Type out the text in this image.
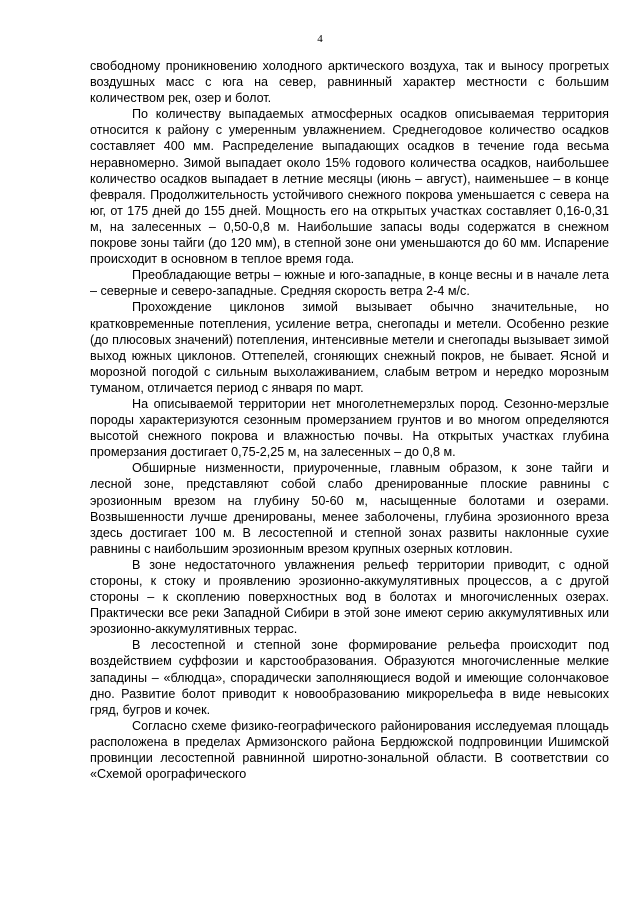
4

свободному проникновению холодного арктического воздуха, так и выносу прогретых воздушных масс с юга на север, равнинный характер местности с большим количеством рек, озер и болот.

По количеству выпадаемых атмосферных осадков описываемая территория относится к району с умеренным увлажнением. Среднегодовое количество осадков составляет 400 мм. Распределение выпадающих осадков в течение года весьма неравномерно. Зимой выпадает около 15% годового количества осадков, наибольшее количество осадков выпадает в летние месяцы (июнь – август), наименьшее – в конце февраля. Продолжительность устойчивого снежного покрова уменьшается с севера на юг, от 175 дней до 155 дней. Мощность его на открытых участках составляет 0,16-0,31 м, на залесенных – 0,50-0,8 м. Наибольшие запасы воды содержатся в снежном покрове зоны тайги (до 120 мм), в степной зоне они уменьшаются до 60 мм. Испарение происходит в основном в теплое время года.

Преобладающие ветры – южные и юго-западные, в конце весны и в начале лета – северные и северо-западные. Средняя скорость ветра 2-4 м/с.

Прохождение циклонов зимой вызывает обычно значительные, но кратковременные потепления, усиление ветра, снегопады и метели. Особенно резкие (до плюсовых значений) потепления, интенсивные метели и снегопады вызывает зимой выход южных циклонов. Оттепелей, сгоняющих снежный покров, не бывает. Ясной и морозной погодой с сильным выхолаживанием, слабым ветром и нередко морозным туманом, отличается период с января по март.

На описываемой территории нет многолетнемерзлых пород. Сезонно-мерзлые породы характеризуются сезонным промерзанием грунтов и во многом определяются высотой снежного покрова и влажностью почвы. На открытых участках глубина промерзания достигает 0,75-2,25 м, на залесенных – до 0,8 м.

Обширные низменности, приуроченные, главным образом, к зоне тайги и лесной зоне, представляют собой слабо дренированные плоские равнины с эрозионным врезом на глубину 50-60 м, насыщенные болотами и озерами. Возвышенности лучше дренированы, менее заболочены, глубина эрозионного вреза здесь достигает 100 м. В лесостепной и степной зонах развиты наклонные сухие равнины с наибольшим эрозионным врезом крупных озерных котловин.

В зоне недостаточного увлажнения рельеф территории приводит, с одной стороны, к стоку и проявлению эрозионно-аккумулятивных процессов, а с другой стороны – к скоплению поверхностных вод в болотах и многочисленных озерах. Практически все реки Западной Сибири в этой зоне имеют серию аккумулятивных или эрозионно-аккумулятивных террас.

В лесостепной и степной зоне формирование рельефа происходит под воздействием суффозии и карстообразования. Образуются многочисленные мелкие западины – «блюдца», спорадически заполняющиеся водой и имеющие солончаковое дно. Развитие болот приводит к новообразованию микрорельефа в виде невысоких гряд, бугров и кочек.

Согласно схеме физико-географического районирования исследуемая площадь расположена в пределах Армизонского района Бердюжской подпровинции Ишимской провинции лесостепной равнинной широтно-зональной области. В соответствии со «Схемой орографического
